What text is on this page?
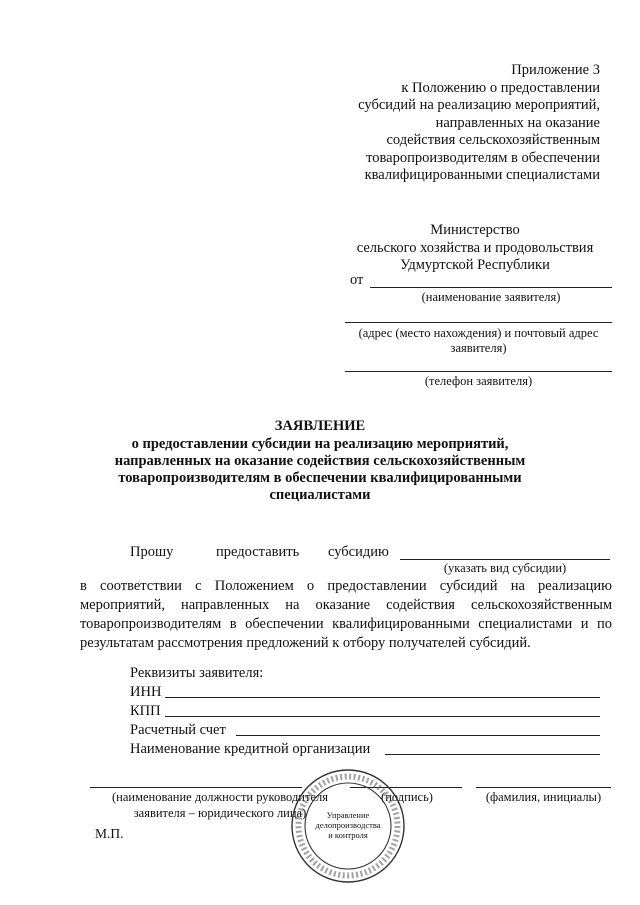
Приложение 3
к Положению о предоставлении
субсидий на реализацию мероприятий,
направленных на оказание
содействия сельскохозяйственным
товаропроизводителям в обеспечении
квалифицированными специалистами
Министерство
сельского хозяйства и продовольствия
Удмуртской Республики
от
(наименование заявителя)
(адрес (место нахождения) и почтовый адрес
заявителя)
(телефон заявителя)
ЗАЯВЛЕНИЕ
о предоставлении субсидии на реализацию мероприятий,
направленных на оказание содействия сельскохозяйственным
товаропроизводителям в обеспечении квалифицированными
специалистами
Прошу	предоставить субсидию
(указать вид субсидии)
в соответствии с Положением о предоставлении субсидий на реализацию мероприятий, направленных на оказание содействия сельскохозяйственным товаропроизводителям в обеспечении квалифицированными специалистами и по результатам рассмотрения предложений к отбору получателей субсидий.
Реквизиты заявителя:
ИНН
КПП
Расчетный счет
Наименование кредитной организации
(наименование должности руководителя
заявителя – юридического лица)
(подпись)	(фамилия, инициалы)
М.П.
Управление
делопроизводства
и контроля
